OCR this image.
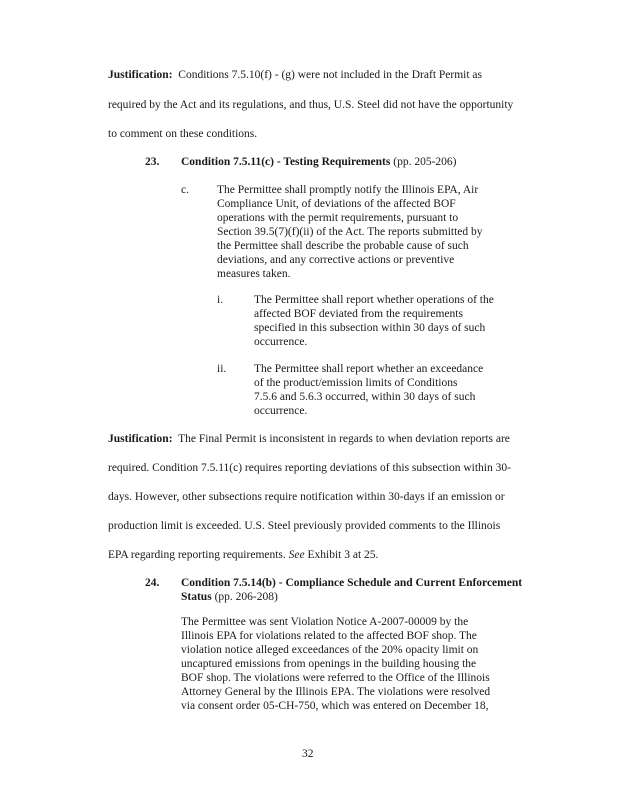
Justification: Conditions 7.5.10(f) - (g) were not included in the Draft Permit as
required by the Act and its regulations, and thus, U.S. Steel did not have the opportunity
to comment on these conditions.
23. Condition 7.5.11(c) - Testing Requirements (pp. 205-206)
c. The Permittee shall promptly notify the Illinois EPA, Air
Compliance Unit, of deviations of the affected BOF
operations with the permit requirements, pursuant to
Section 39.5(7)(f)(ii) of the Act. The reports submitted by
the Permittee shall describe the probable cause of such
deviations, and any corrective actions or preventive
measures taken.
i.	The Permittee shall report whether operations of the
affected BOF deviated from the requirements
specified in this subsection within 30 days of such
occurrence.
ii. The Permittee shall report whether an exceedance
of the product/emission limits of Conditions
7.5.6 and 5.6.3 occurred, within 30 days of such
occurrence.
Justification: The Final Permit is inconsistent in regards to when deviation reports are
required. Condition 7.5.11(c) requires reporting deviations of this subsection within 30-
days. However, other subsections require notification within 30-days if an emission or
production limit is exceeded. U.S. Steel previously provided comments to the Illinois
EPA regarding reporting requirements. See Exhibit 3 at 25.
24. Condition 7.5.14(b) - Compliance Schedule and Current Enforcement
Status (pp. 206-208)
The Permittee was sent Violation Notice A-2007-00009 by the
Illinois EPA for violations related to the affected BOF shop. The
violation notice alleged exceedances of the 20% opacity limit on
uncaptured emissions from openings in the building housing the
BOF shop. The violations were referred to the Office of the Illinois
Attorney General by the Illinois EPA. The violations were resolved
via consent order 05-CH-750, which was entered on December 18,
32
